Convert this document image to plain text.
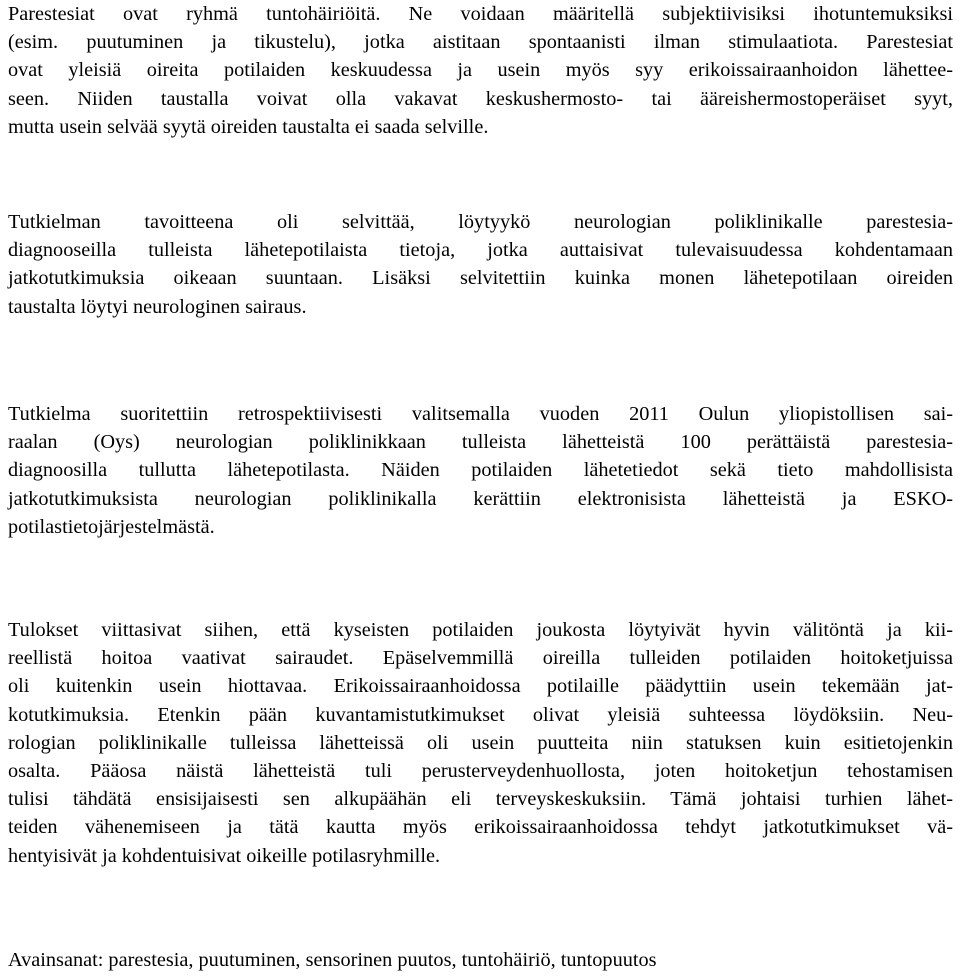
Parestesiat ovat ryhmä tuntohäiriöitä. Ne voidaan määritellä subjektiivisiksi ihotuntemuksiksi
(esim. puutuminen ja tikustelu), jotka aistitaan spontaanisti ilman stimulaatiota. Parestesiat
ovat yleisiä oireita potilaiden keskuudessa ja usein myös syy erikoissairaanhoidon lähettee-
seen. Niiden taustalla voivat olla vakavat keskushermosto- tai ääreishermostoperäiset syyt,
mutta usein selvää syytä oireiden taustalta ei saada selville.

Tutkielman tavoitteena oli selvittää, löytyykö neurologian poliklinikalle parestesia-
diagnooseilla tulleista lähetepotilaista tietoja, jotka auttaisivat tulevaisuudessa kohdentamaan
jatkotutkimuksia oikeaan suuntaan. Lisäksi selvitettiin kuinka monen lähetepotilaan oireiden
taustalta löytyi neurologinen sairaus.

Tutkielma suoritettiin retrospektiivisesti valitsemalla vuoden 2011 Oulun yliopistollisen sai-
raalan (Oys) neurologian poliklinikkaan tulleista lähetteistä 100 perättäistä parestesia-
diagnoosilla tullutta lähetepotilasta. Näiden potilaiden lähetetiedot sekä tieto mahdollisista
jatkotutkimuksista neurologian poliklinikalla kerättiin elektronisista lähetteistä ja ESKO-
potilastietojärjestelmästä.

Tulokset viittasivat siihen, että kyseisten potilaiden joukosta löytyivät hyvin välitöntä ja kii-
reellistä hoitoa vaativat sairaudet. Epäselvemmillä oireilla tulleiden potilaiden hoitoketjuissa
oli kuitenkin usein hiottavaa. Erikoissairaanhoidossa potilaille päädyttiin usein tekemään jat-
kotutkimuksia. Etenkin pään kuvantamistutkimukset olivat yleisiä suhteessa löydöksiin. Neu-
rologian poliklinikalle tulleissa lähetteissä oli usein puutteita niin statuksen kuin esitietojenkin
osalta. Pääosa näistä lähetteistä tuli perusterveydenhuollosta, joten hoitoketjun tehostamisen
tulisi tähdätä ensisijaisesti sen alkupäähän eli terveyskeskuksiin. Tämä johtaisi turhien lähet-
teiden vähenemiseen ja tätä kautta myös erikoissairaanhoidossa tehdyt jatkotutkimukset vä-
hentyisivät ja kohdentuisivat oikeille potilasryhmille.

Avainsanat: parestesia, puutuminen, sensorinen puutos, tuntohäiriö, tuntopuutos
